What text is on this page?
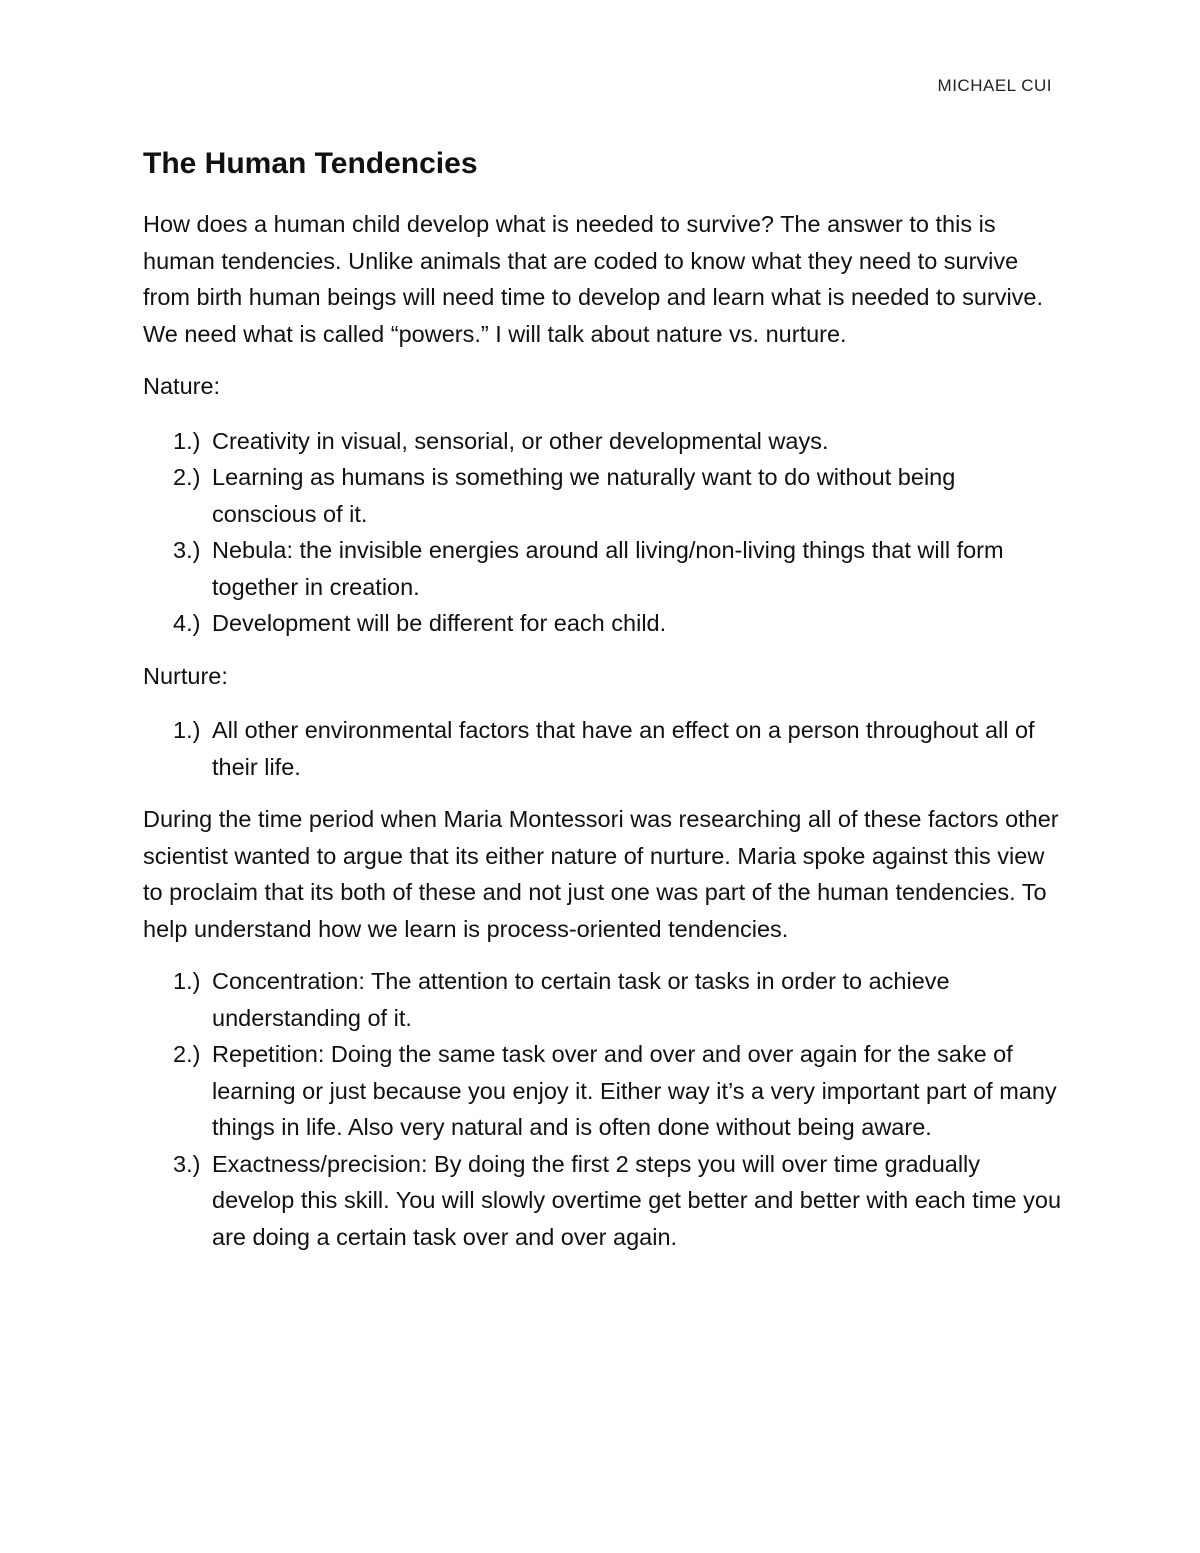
MICHAEL CUI
The Human Tendencies

How does a human child develop what is needed to survive? The answer to this is human tendencies. Unlike animals that are coded to know what they need to survive from birth human beings will need time to develop and learn what is needed to survive. We need what is called “powers.” I will talk about nature vs. nurture.

Nature:

1.) Creativity in visual, sensorial, or other developmental ways.
2.) Learning as humans is something we naturally want to do without being conscious of it.
3.) Nebula: the invisible energies around all living/non-living things that will form together in creation.
4.) Development will be different for each child.

Nurture:

1.) All other environmental factors that have an effect on a person throughout all of their life.

During the time period when Maria Montessori was researching all of these factors other scientist wanted to argue that its either nature of nurture. Maria spoke against this view to proclaim that its both of these and not just one was part of the human tendencies. To help understand how we learn is process-oriented tendencies.

1.) Concentration: The attention to certain task or tasks in order to achieve understanding of it.
2.) Repetition: Doing the same task over and over and over again for the sake of learning or just because you enjoy it. Either way it’s a very important part of many things in life. Also very natural and is often done without being aware.
3.) Exactness/precision: By doing the first 2 steps you will over time gradually develop this skill. You will slowly overtime get better and better with each time you are doing a certain task over and over again.
